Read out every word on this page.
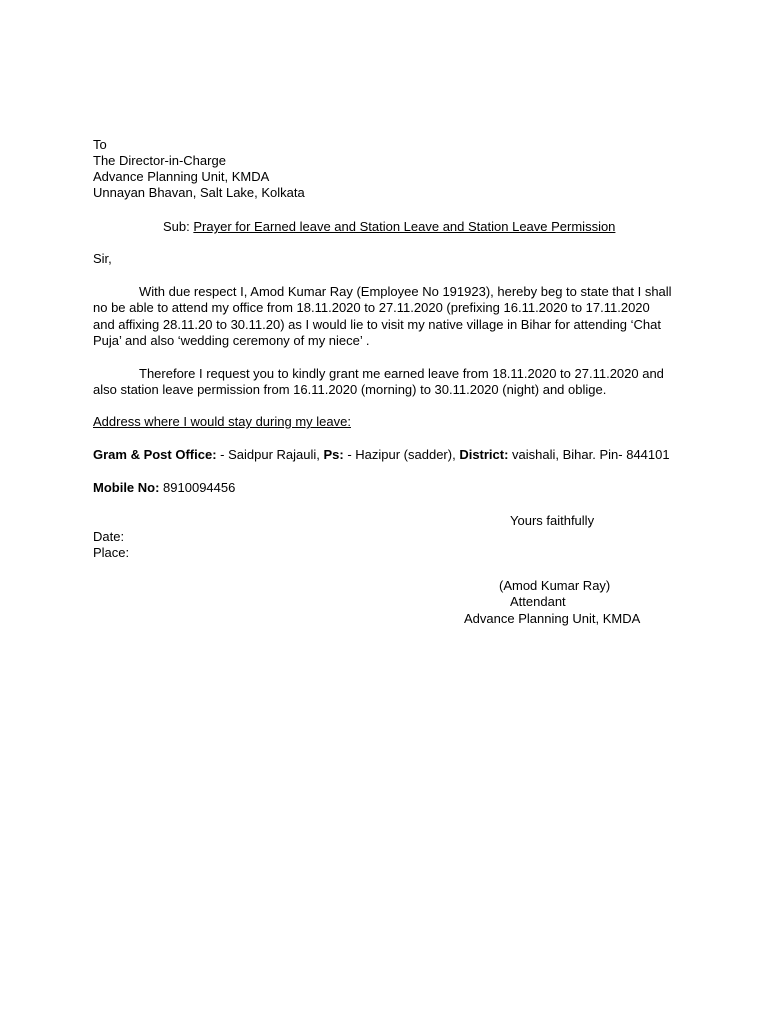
To
The Director-in-Charge
Advance Planning Unit, KMDA
Unnayan Bhavan, Salt Lake, Kolkata
Sub: Prayer for Earned leave and Station Leave and Station Leave Permission
Sir,
With due respect I, Amod Kumar Ray (Employee No 191923), hereby beg to state that I shall no be able to attend my office from 18.11.2020 to 27.11.2020 (prefixing 16.11.2020 to 17.11.2020 and affixing 28.11.20 to 30.11.20) as I would lie to visit my native village in Bihar for attending ‘Chat Puja’ and also ‘wedding ceremony of my niece’ .
Therefore I request you to kindly grant me earned leave from 18.11.2020 to 27.11.2020 and also station leave permission from 16.11.2020 (morning) to 30.11.2020 (night) and oblige.
Address where I would stay during my leave:
Gram & Post Office: - Saidpur Rajauli, Ps: - Hazipur (sadder), District: vaishali, Bihar. Pin- 844101
Mobile No: 8910094456
Yours faithfully
Date:
Place:
(Amod Kumar Ray)
Attendant
Advance Planning Unit, KMDA
